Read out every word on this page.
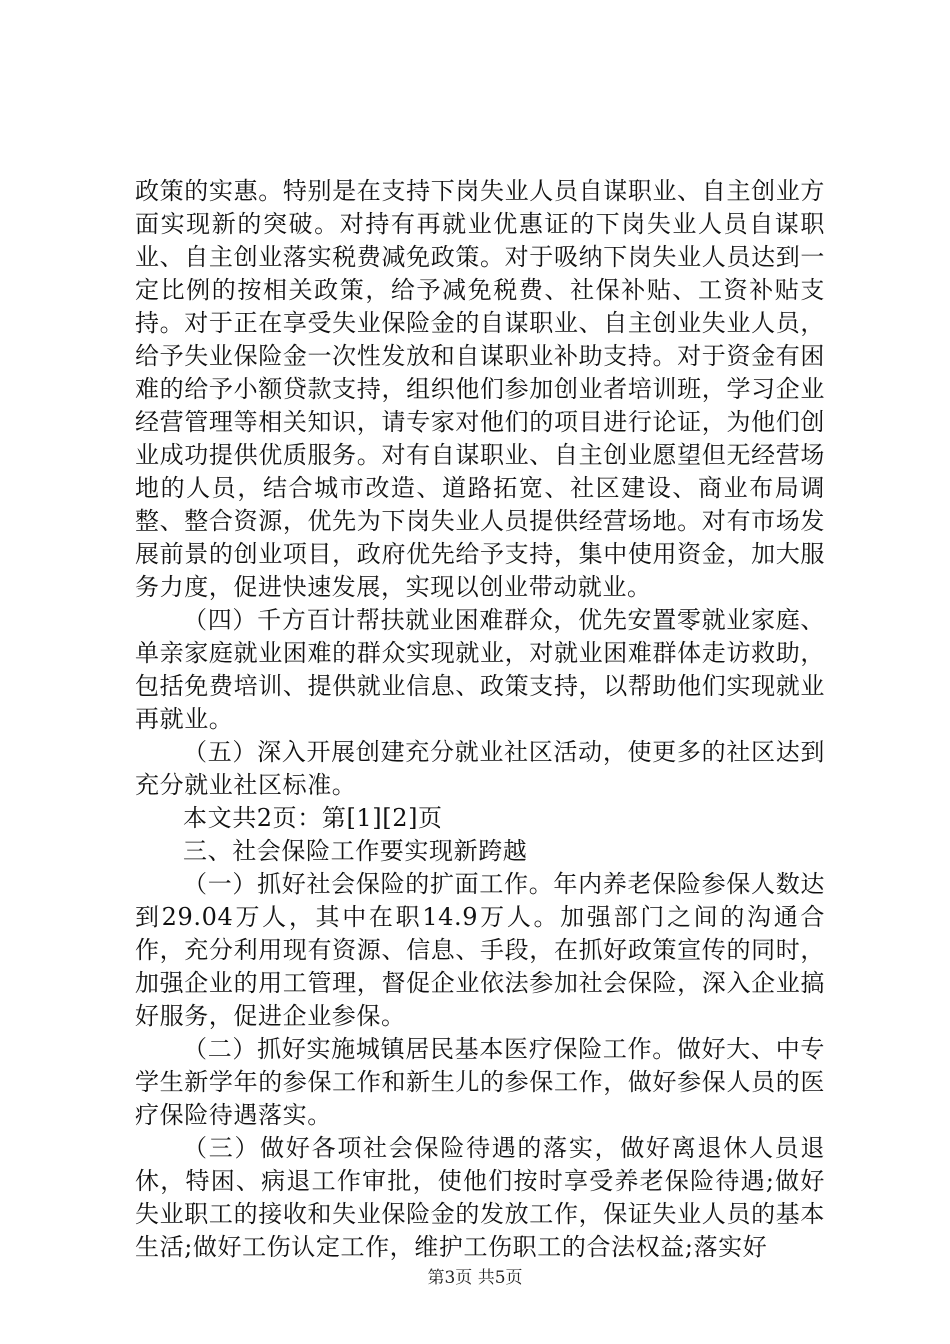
政策的实惠。特别是在支持下岗失业人员自谋职业、自主创业方面实现新的突破。对持有再就业优惠证的下岗失业人员自谋职业、自主创业落实税费减免政策。对于吸纳下岗失业人员达到一定比例的按相关政策，给予减免税费、社保补贴、工资补贴支持。对于正在享受失业保险金的自谋职业、自主创业失业人员，给予失业保险金一次性发放和自谋职业补助支持。对于资金有困难的给予小额贷款支持，组织他们参加创业者培训班，学习企业经营管理等相关知识，请专家对他们的项目进行论证，为他们创业成功提供优质服务。对有自谋职业、自主创业愿望但无经营场地的人员，结合城市改造、道路拓宽、社区建设、商业布局调整、整合资源，优先为下岗失业人员提供经营场地。对有市场发展前景的创业项目，政府优先给予支持，集中使用资金，加大服务力度，促进快速发展，实现以创业带动就业。

（四）千方百计帮扶就业困难群众，优先安置零就业家庭、单亲家庭就业困难的群众实现就业，对就业困难群体走访救助，包括免费培训、提供就业信息、政策支持，以帮助他们实现就业再就业。

（五）深入开展创建充分就业社区活动，使更多的社区达到充分就业社区标准。

本文共2页：第[1][2]页

三、社会保险工作要实现新跨越

（一）抓好社会保险的扩面工作。年内养老保险参保人数达到29.04万人，其中在职14.9万人。加强部门之间的沟通合作，充分利用现有资源、信息、手段，在抓好政策宣传的同时，加强企业的用工管理，督促企业依法参加社会保险，深入企业搞好服务，促进企业参保。

（二）抓好实施城镇居民基本医疗保险工作。做好大、中专学生新学年的参保工作和新生儿的参保工作，做好参保人员的医疗保险待遇落实。

（三）做好各项社会保险待遇的落实，做好离退休人员退休，特困、病退工作审批，使他们按时享受养老保险待遇;做好失业职工的接收和失业保险金的发放工作，保证失业人员的基本生活;做好工伤认定工作，维护工伤职工的合法权益;落实好

第3页 共5页
